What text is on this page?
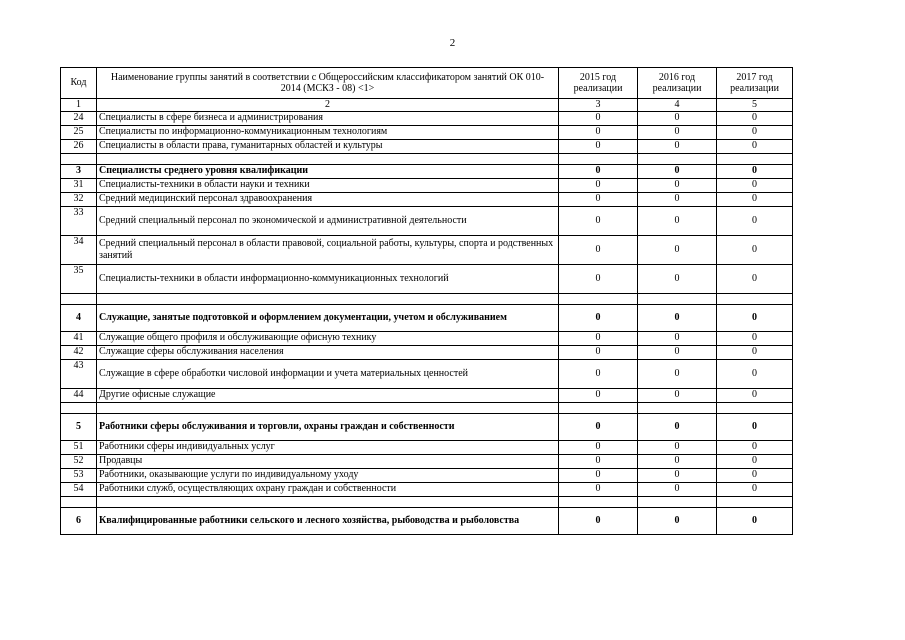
2
Код	Наименование группы занятий в соответствии с Общероссийским классификатором занятий ОК 010-2014 (МСКЗ - 08) <1>	2015 год реализации	2016 год реализации	2017 год реализации
1	2	3	4	5
24	Специалисты в сфере бизнеса и администрирования	0	0	0
25	Специалисты по информационно-коммуникационным технологиям	0	0	0
26	Специалисты в области права, гуманитарных областей и культуры	0	0	0

3	Специалисты среднего уровня квалификации	0	0	0
31	Специалисты-техники в области науки и техники	0	0	0
32	Средний медицинский персонал здравоохранения	0	0	0
33	Средний специальный персонал по экономической и административной деятельности	0	0	0
34	Средний специальный персонал в области правовой, социальной работы, культуры, спорта и родственных занятий	0	0	0
35	Специалисты-техники в области информационно-коммуникационных технологий	0	0	0

4	Служащие, занятые подготовкой и оформлением документации, учетом и обслуживанием	0	0	0
41	Служащие общего профиля и обслуживающие офисную технику	0	0	0
42	Служащие сферы обслуживания населения	0	0	0
43	Служащие в сфере обработки числовой информации и учета материальных ценностей	0	0	0
44	Другие офисные служащие	0	0	0

5	Работники сферы обслуживания и торговли, охраны граждан и собственности	0	0	0
51	Работники сферы индивидуальных услуг	0	0	0
52	Продавцы	0	0	0
53	Работники, оказывающие услуги по индивидуальному уходу	0	0	0
54	Работники служб, осуществляющих охрану граждан и собственности	0	0	0

6	Квалифицированные работники сельского и лесного хозяйства, рыбоводства и рыболовства	0	0	0
